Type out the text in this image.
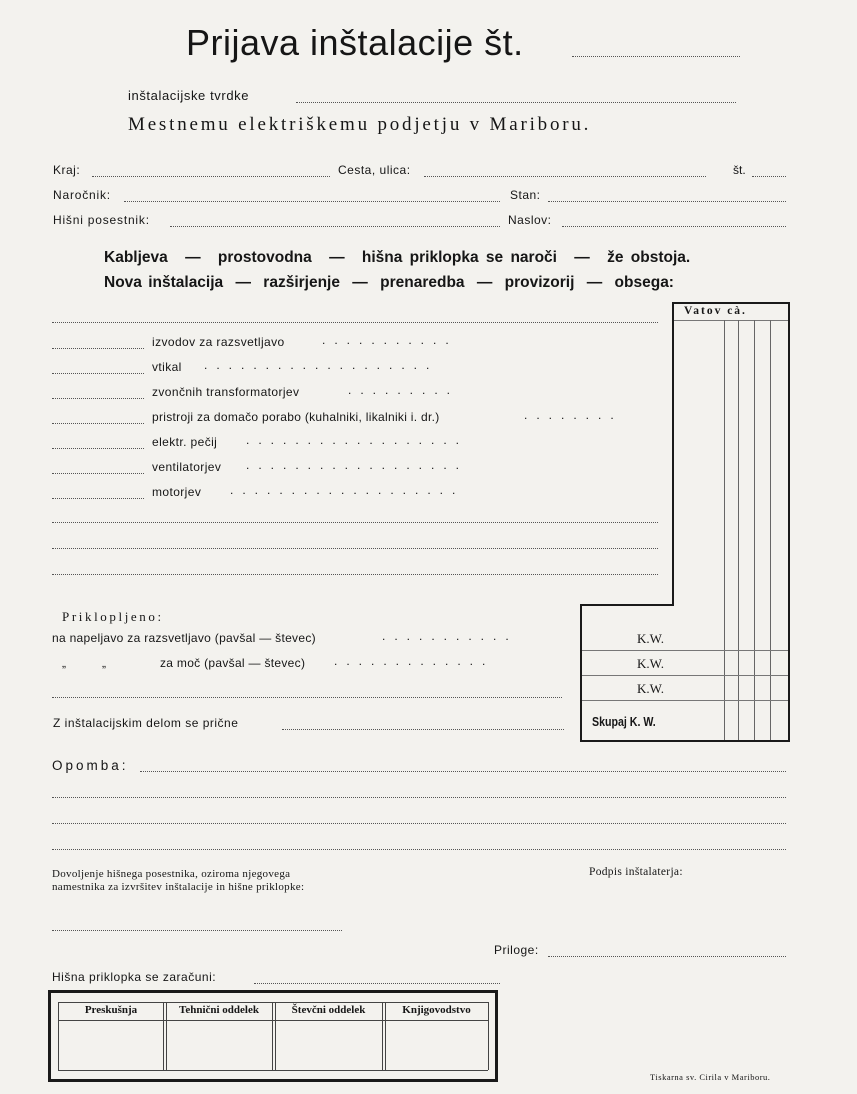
Prijava inštalacije št.
inštalacijske tvrdke
Mestnemu elektriškemu podjetju v Mariboru.
Kraj:	Cesta, ulica:	št.
Naročnik:	Stan:
Hišni posestnik:	Naslov:
Kabljeva — prostovodna — hišna priklopka se naroči — že obstoja.
Nova inštalacija — razširjenje — prenaredba — provizorij — obsega:
izvodov za razsvetljavo	...........
vtikal ...................
zvončnih transformatorjev	.........
pristroji za domačo porabo (kuhalniki, likalniki i. dr.)	........
elektr. pečij ..................
ventilatorjev ..................
motorjev ...................
Vatov cà.
Priklopljeno:
na napeljavo za razsvetljavo (pavšal — števec)	...........
„	„	za moč (pavšal — števec) .............
K.W.
K.W.
K.W.
Skupaj K. W.
Z inštalacijskim delom se prične
Opomba:
Dovoljenje hišnega posestnika, oziroma njegovega
namestnika za izvršitev inštalacije in hišne priklopke:
Podpis inštalaterja:
Priloge:
Hišna priklopka se zaračuni:
Preskušnja	Tehnični oddelek	Števčni oddelek	Knjigovodstvo
Tiskarna sv. Cirila v Mariboru.
